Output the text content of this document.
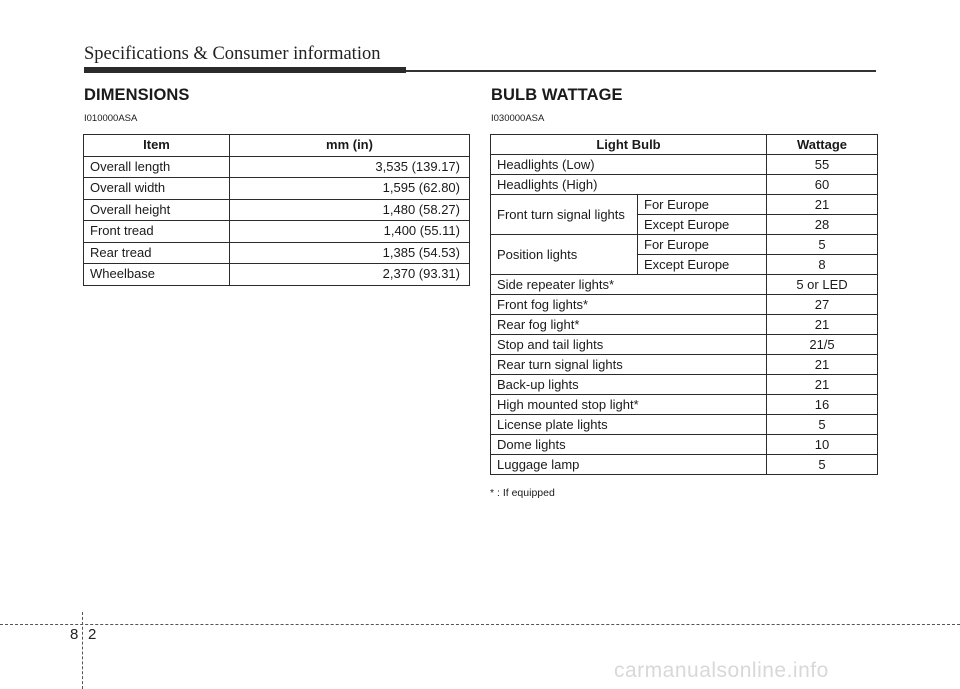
Specifications & Consumer information
DIMENSIONS
I010000ASA
Item	mm (in)
Overall length	3,535 (139.17)
Overall width	1,595 (62.80)
Overall height	1,480 (58.27)
Front tread	1,400 (55.11)
Rear tread	1,385 (54.53)
Wheelbase	2,370 (93.31)
BULB WATTAGE
I030000ASA
Light Bulb		Wattage
Headlights (Low)		55
Headlights (High)		60
Front turn signal lights	For Europe	21
	Except Europe	28
Position lights	For Europe	5
	Except Europe	8
Side repeater lights*		5 or LED
Front fog lights*		27
Rear fog light*		21
Stop and tail lights		21/5
Rear turn signal lights		21
Back-up lights		21
High mounted stop light*		16
License plate lights		5
Dome lights		10
Luggage lamp		5
* : If equipped
8 2
carmanualsonline.info
